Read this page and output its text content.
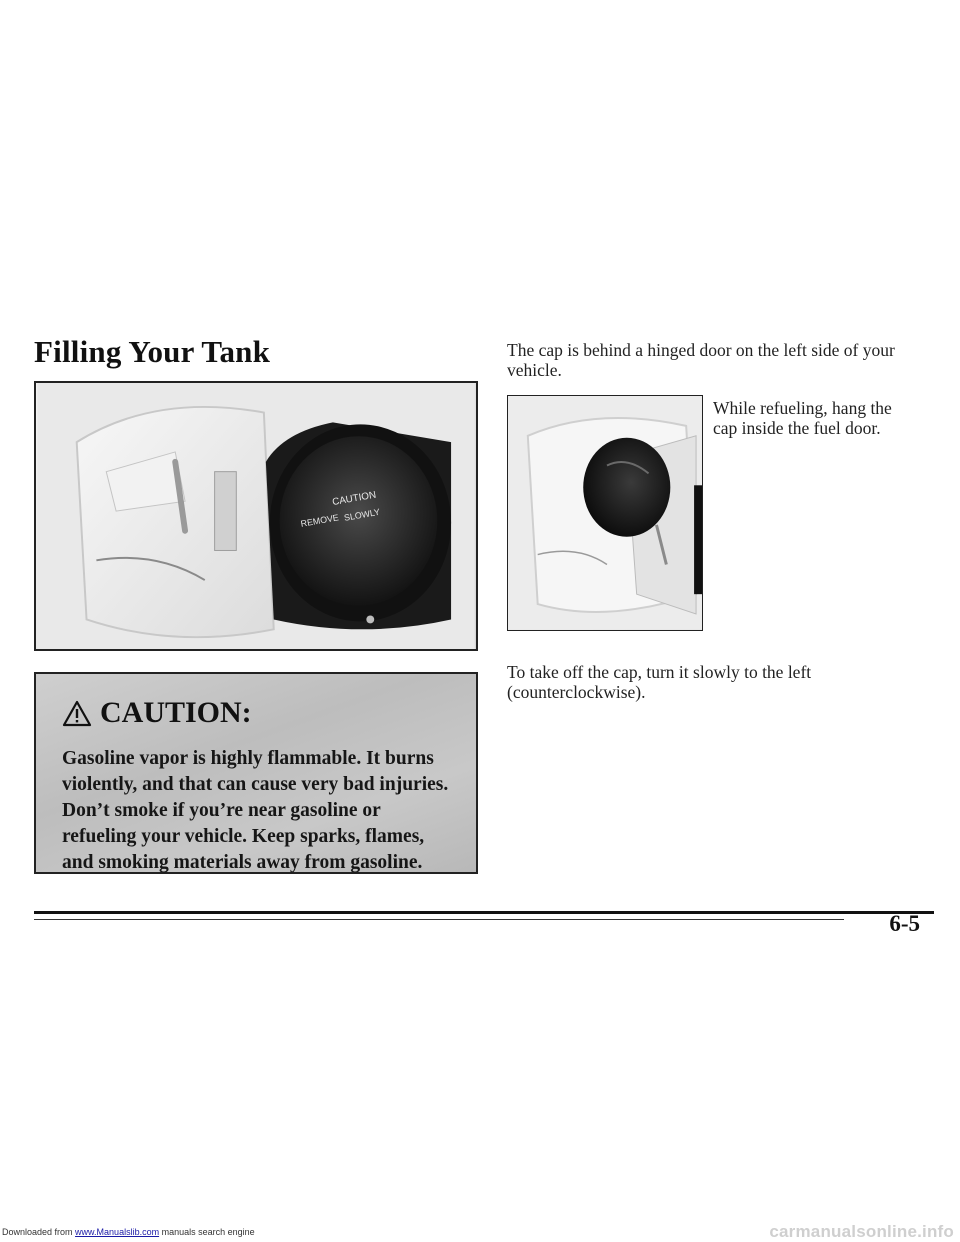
Filling Your Tank
CAUTION
REMOVE SLOWLY
CAUTION:

Gasoline vapor is highly flammable. It burns violently, and that can cause very bad injuries. Don’t smoke if you’re near gasoline or refueling your vehicle. Keep sparks, flames, and smoking materials away from gasoline.

The cap is behind a hinged door on the left side of your vehicle.

While refueling, hang the cap inside the fuel door.

To take off the cap, turn it slowly to the left (counterclockwise).

6-5
Downloaded from www.Manualslib.com manuals search engine	carmanualsonline.info
